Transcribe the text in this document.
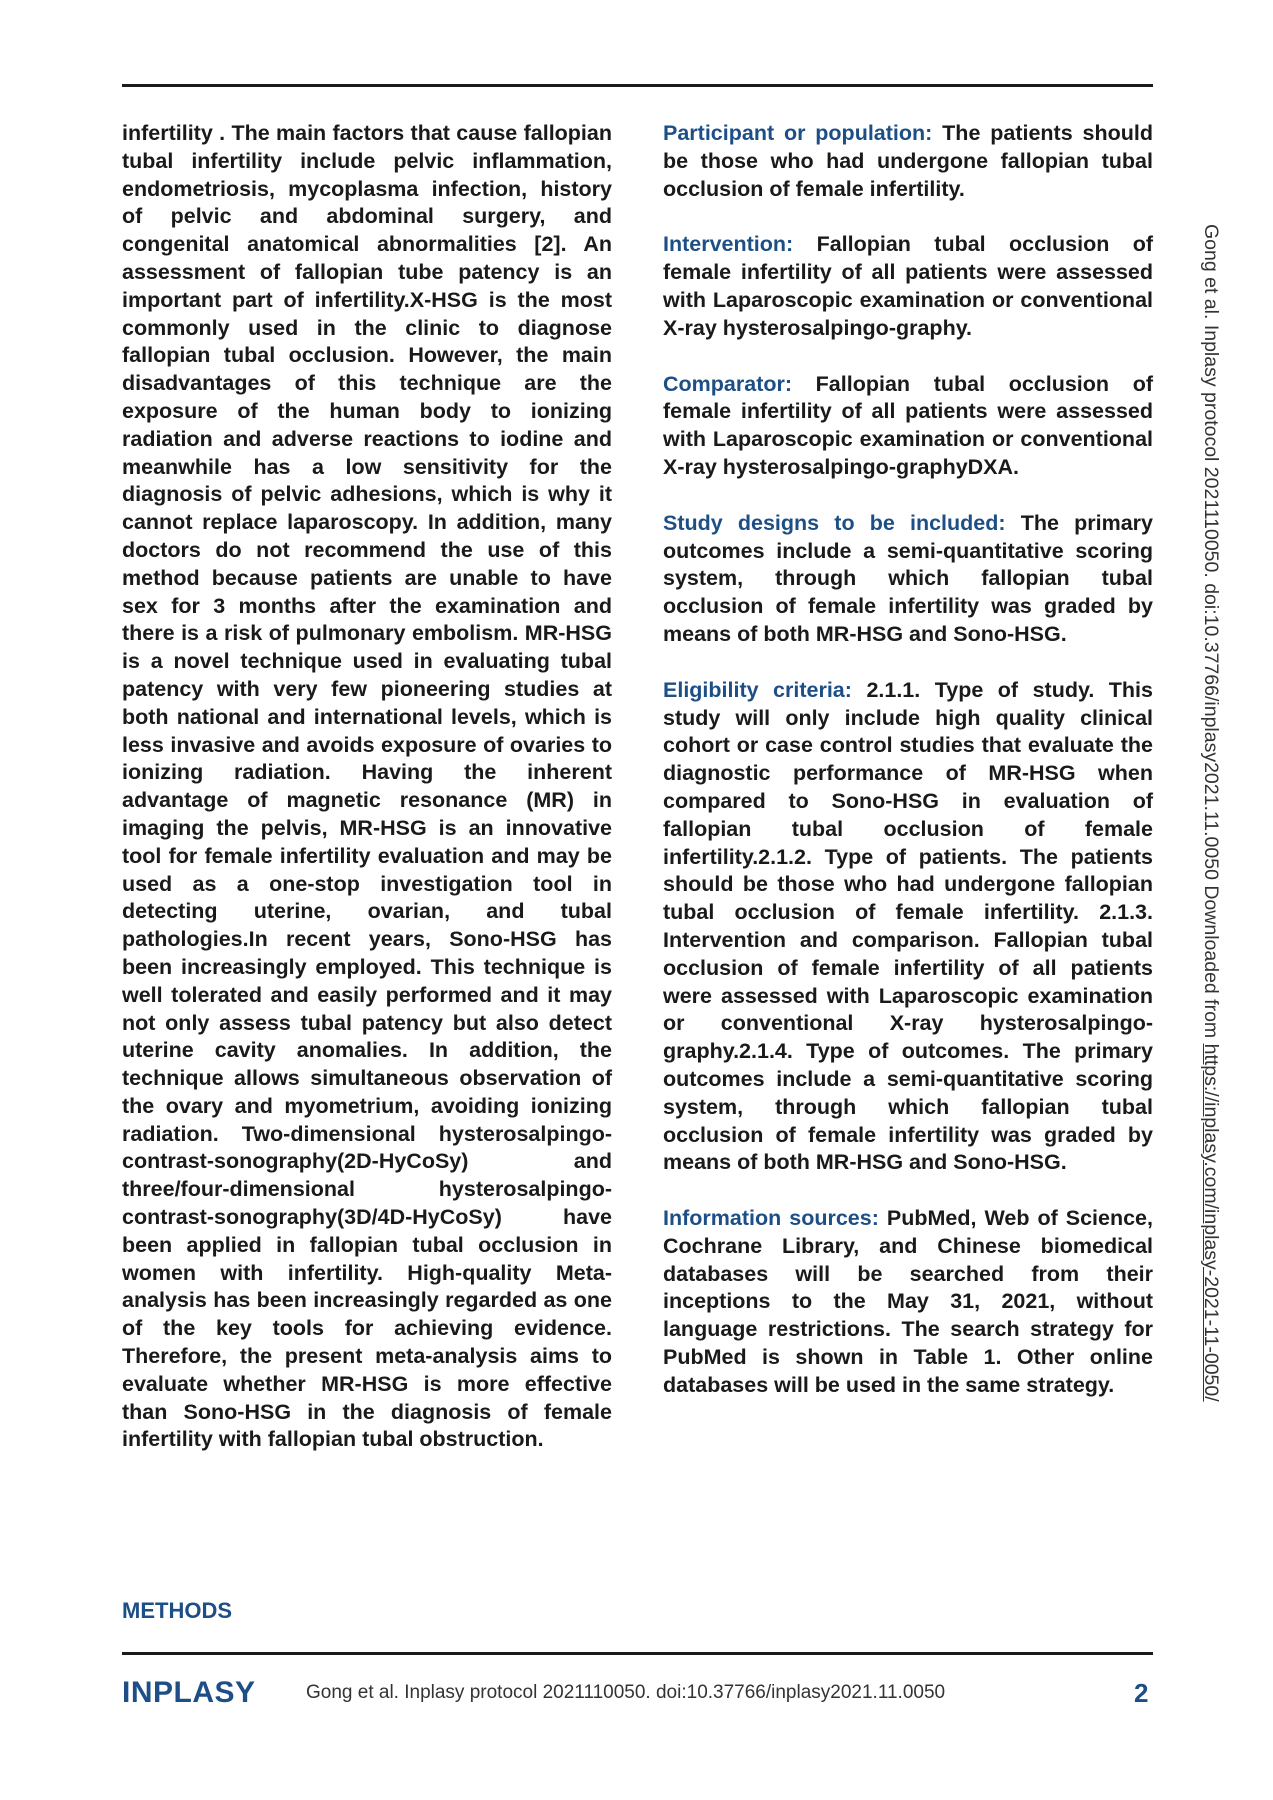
infertility . The main factors that cause fallopian tubal infertility include pelvic inflammation, endometriosis, mycoplasma infection, history of pelvic and abdominal surgery, and congenital anatomical abnormalities [2]. An assessment of fallopian tube patency is an important part of infertility.X-HSG is the most commonly used in the clinic to diagnose fallopian tubal occlusion. However, the main disadvantages of this technique are the exposure of the human body to ionizing radiation and adverse reactions to iodine and meanwhile has a low sensitivity for the diagnosis of pelvic adhesions, which is why it cannot replace laparoscopy. In addition, many doctors do not recommend the use of this method because patients are unable to have sex for 3 months after the examination and there is a risk of pulmonary embolism. MR-HSG is a novel technique used in evaluating tubal patency with very few pioneering studies at both national and international levels, which is less invasive and avoids exposure of ovaries to ionizing radiation. Having the inherent advantage of magnetic resonance (MR) in imaging the pelvis, MR-HSG is an innovative tool for female infertility evaluation and may be used as a one-stop investigation tool in detecting uterine, ovarian, and tubal pathologies.In recent years, Sono-HSG has been increasingly employed. This technique is well tolerated and easily performed and it may not only assess tubal patency but also detect uterine cavity anomalies. In addition, the technique allows simultaneous observation of the ovary and myometrium, avoiding ionizing radiation. Two-dimensional hysterosalpingo-contrast-sonography(2D-HyCoSy) and three/four-dimensional hysterosalpingo-contrast-sonography(3D/4D-HyCoSy) have been applied in fallopian tubal occlusion in women with infertility. High-quality Meta-analysis has been increasingly regarded as one of the key tools for achieving evidence. Therefore, the present meta-analysis aims to evaluate whether MR-HSG is more effective than Sono-HSG in the diagnosis of female infertility with fallopian tubal obstruction.

METHODS

Participant or population: The patients should be those who had undergone fallopian tubal occlusion of female infertility.

Intervention: Fallopian tubal occlusion of female infertility of all patients were assessed with Laparoscopic examination or conventional X-ray hysterosalpingo-graphy.

Comparator: Fallopian tubal occlusion of female infertility of all patients were assessed with Laparoscopic examination or conventional X-ray hysterosalpingo-graphyDXA.

Study designs to be included: The primary outcomes include a semi-quantitative scoring system, through which fallopian tubal occlusion of female infertility was graded by means of both MR-HSG and Sono-HSG.

Eligibility criteria: 2.1.1. Type of study. This study will only include high quality clinical cohort or case control studies that evaluate the diagnostic performance of MR-HSG when compared to Sono-HSG in evaluation of fallopian tubal occlusion of female infertility.2.1.2. Type of patients. The patients should be those who had undergone fallopian tubal occlusion of female infertility. 2.1.3. Intervention and comparison. Fallopian tubal occlusion of female infertility of all patients were assessed with Laparoscopic examination or conventional X-ray hysterosalpingo-graphy.2.1.4. Type of outcomes. The primary outcomes include a semi-quantitative scoring system, through which fallopian tubal occlusion of female infertility was graded by means of both MR-HSG and Sono-HSG.

Information sources: PubMed, Web of Science, Cochrane Library, and Chinese biomedical databases will be searched from their inceptions to the May 31, 2021, without language restrictions. The search strategy for PubMed is shown in Table 1. Other online databases will be used in the same strategy.

INPLASY	Gong et al. Inplasy protocol 2021110050. doi:10.37766/inplasy2021.11.0050	2
Gong et al. Inplasy protocol 2021110050. doi:10.37766/inplasy2021.11.0050 Downloaded from https://inplasy.com/inplasy-2021-11-0050/
